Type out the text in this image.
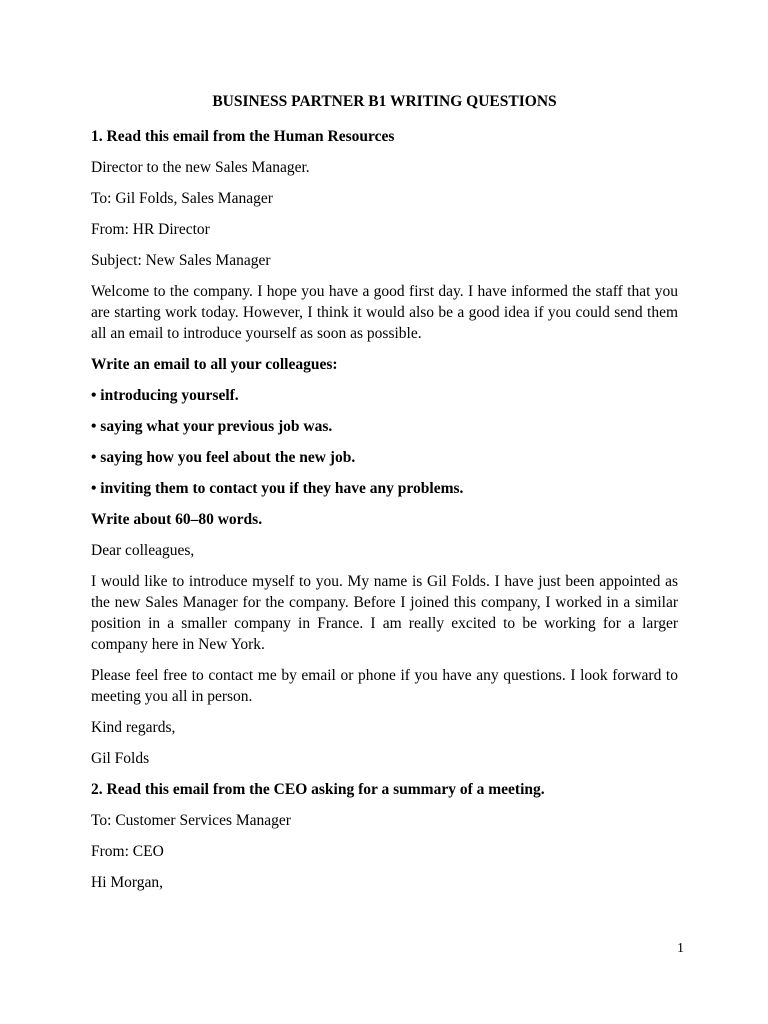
BUSINESS PARTNER B1 WRITING QUESTIONS

1. Read this email from the Human Resources

Director to the new Sales Manager.

To: Gil Folds, Sales Manager

From: HR Director

Subject: New Sales Manager

Welcome to the company. I hope you have a good first day. I have informed the staff that you are starting work today. However, I think it would also be a good idea if you could send them all an email to introduce yourself as soon as possible.

Write an email to all your colleagues:

• introducing yourself.

• saying what your previous job was.

• saying how you feel about the new job.

• inviting them to contact you if they have any problems.

Write about 60–80 words.

Dear colleagues,

I would like to introduce myself to you. My name is Gil Folds. I have just been appointed as the new Sales Manager for the company. Before I joined this company, I worked in a similar position in a smaller company in France. I am really excited to be working for a larger company here in New York.

Please feel free to contact me by email or phone if you have any questions. I look forward to meeting you all in person.

Kind regards,

Gil Folds

2. Read this email from the CEO asking for a summary of a meeting.

To: Customer Services Manager

From: CEO

Hi Morgan,

1
